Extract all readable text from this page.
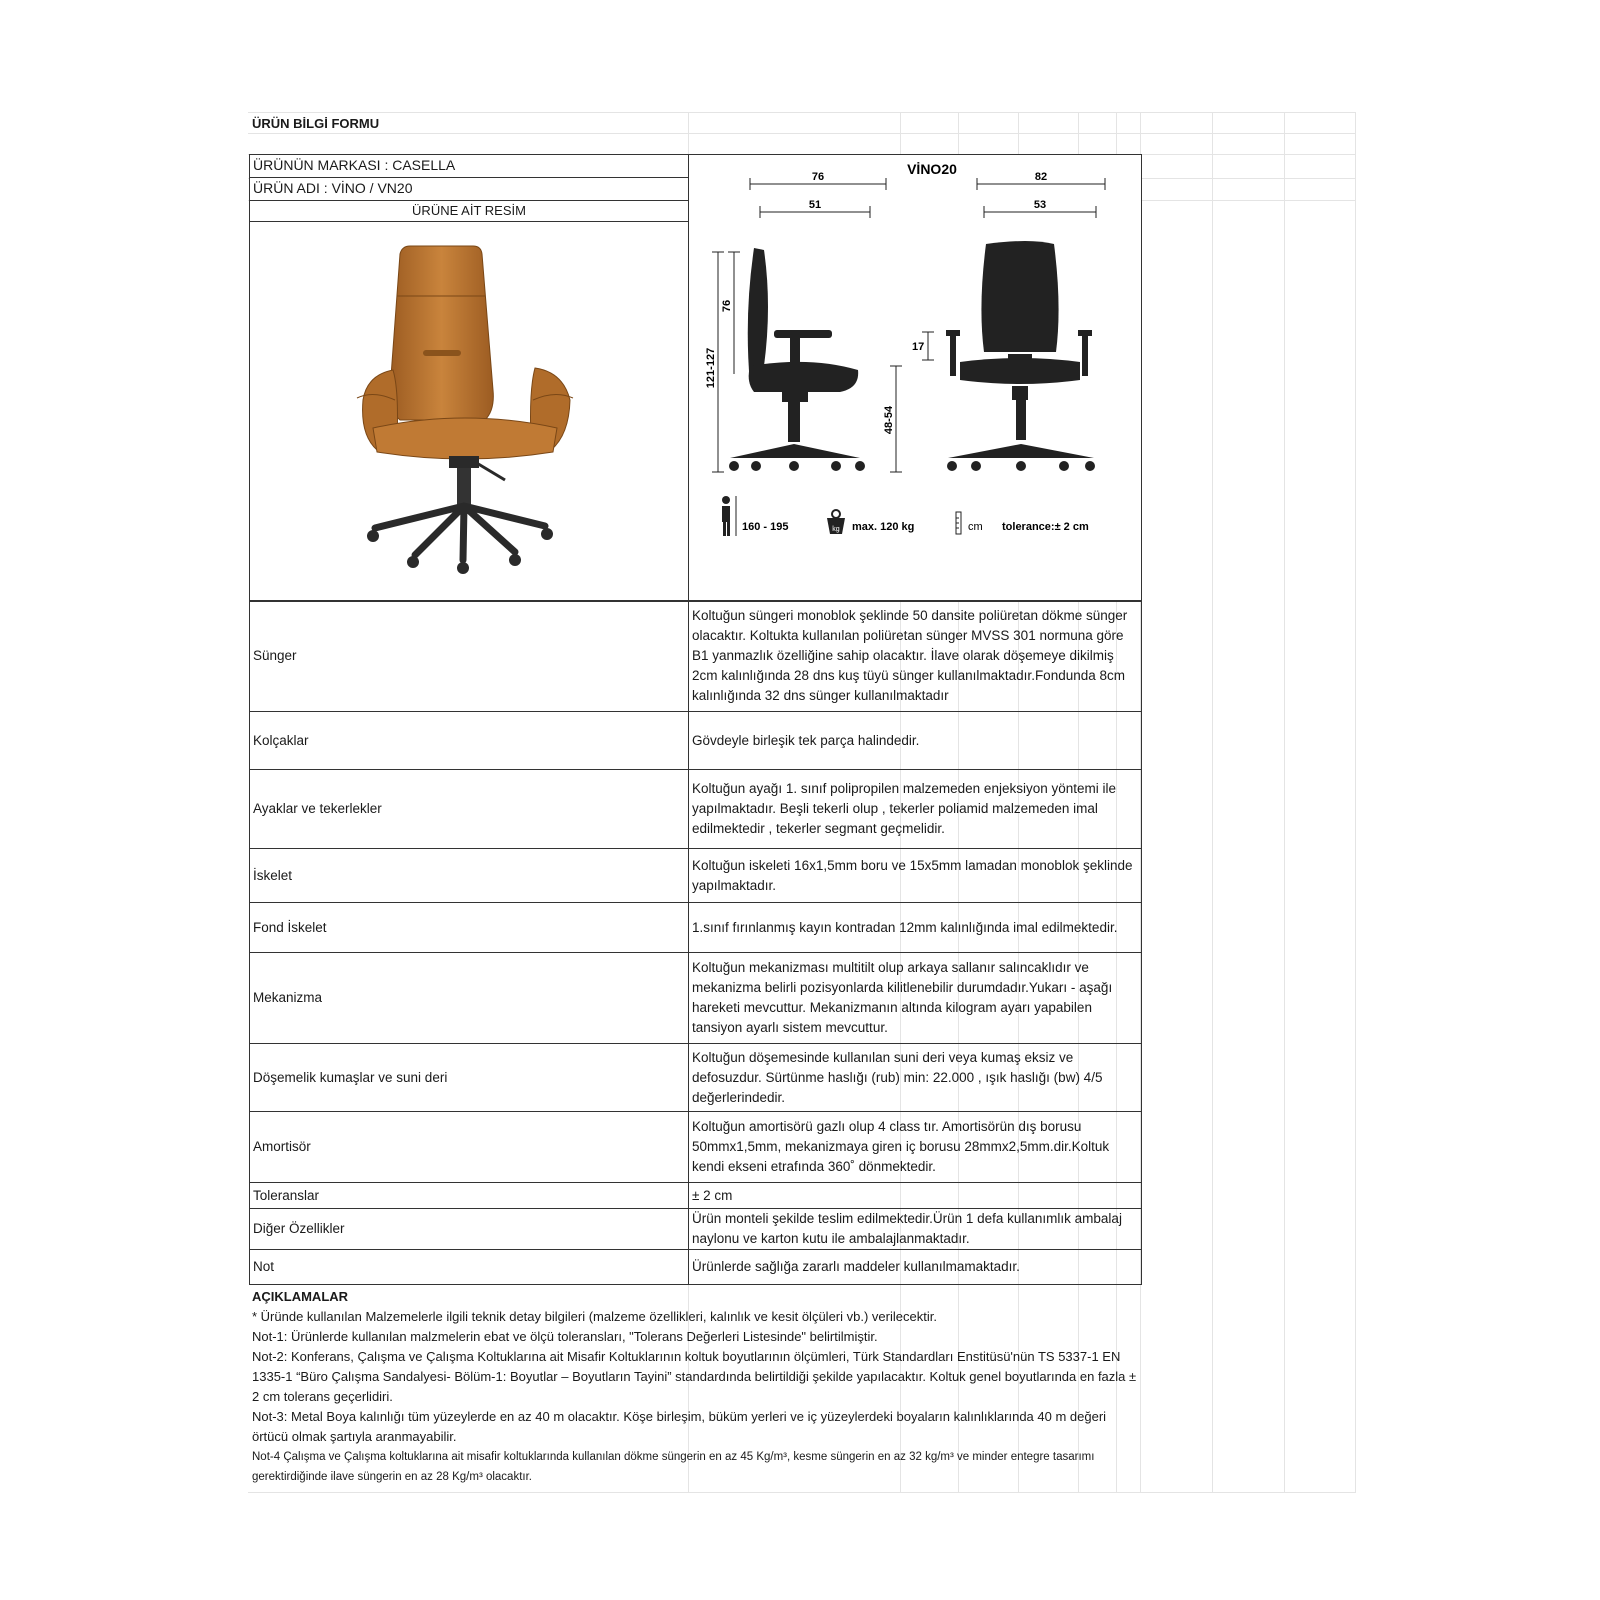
ÜRÜN BİLGİ FORMU
ÜRÜNÜN MARKASI : CASELLA
ÜRÜN ADI : VİNO / VN20
ÜRÜNE AİT RESİM
VİNO20
76
51
82
53
121-127
76
48-54
17
160 - 195	kg max. 120 kg	cm tolerance:± 2 cm
Sünger	Koltuğun süngeri monoblok şeklinde 50 dansite poliüretan dökme sünger olacaktır. Koltukta kullanılan poliüretan sünger MVSS 301 normuna göre B1 yanmazlık özelliğine sahip olacaktır. İlave olarak döşemeye dikilmiş 2cm kalınlığında 28 dns kuş tüyü sünger kullanılmaktadır.Fondunda 8cm kalınlığında 32 dns sünger kullanılmaktadır

Kolçaklar	Gövdeyle birleşik tek parça halindedir.
Ayaklar ve tekerlekler	Koltuğun ayağı 1. sınıf polipropilen malzemeden enjeksiyon yöntemi ile yapılmaktadır. Beşli tekerli olup , tekerler poliamid malzemeden imal edilmektedir , tekerler segmant geçmelidir.
İskelet	Koltuğun iskeleti 16x1,5mm boru ve 15x5mm lamadan monoblok şeklinde yapılmaktadır.
Fond İskelet	1.sınıf fırınlanmış kayın kontradan 12mm kalınlığında imal edilmektedir.
Mekanizma	Koltuğun mekanizması multitilt olup arkaya sallanır salıncaklıdır ve mekanizma belirli pozisyonlarda kilitlenebilir durumdadır.Yukarı - aşağı hareketi mevcuttur. Mekanizmanın altında kilogram ayarı yapabilen tansiyon ayarlı sistem mevcuttur.
Döşemelik kumaşlar ve suni deri	Koltuğun döşemesinde kullanılan suni deri veya kumaş eksiz ve defosuzdur. Sürtünme haslığı (rub) min: 22.000 , ışık haslığı (bw) 4/5 değerlerindedir.
Amortisör	Koltuğun amortisörü gazlı olup 4 class tır. Amortisörün dış borusu 50mmx1,5mm, mekanizmaya giren iç borusu 28mmx2,5mm.dir.Koltuk kendi ekseni etrafında 360˚ dönmektedir.
Toleranslar	± 2 cm
Diğer Özellikler	Ürün monteli şekilde teslim edilmektedir.Ürün 1 defa kullanımlık ambalaj naylonu ve karton kutu ile ambalajlanmaktadır.
Not	Ürünlerde sağlığa zararlı maddeler kullanılmamaktadır.
AÇIKLAMALAR
* Üründe kullanılan Malzemelerle ilgili teknik detay bilgileri (malzeme özellikleri, kalınlık ve kesit ölçüleri vb.) verilecektir.
Not-1: Ürünlerde kullanılan malzmelerin ebat ve ölçü toleransları, "Tolerans Değerleri Listesinde" belirtilmiştir.
Not-2: Konferans, Çalışma ve Çalışma Koltuklarına ait Misafir Koltuklarının koltuk boyutlarının ölçümleri, Türk Standardları Enstitüsü'nün TS 5337-1 EN 1335-1 “Büro Çalışma Sandalyesi- Bölüm-1: Boyutlar – Boyutların Tayini” standardında belirtildiği şekilde yapılacaktır. Koltuk genel boyutlarında en fazla ± 2 cm tolerans geçerlidiri.
Not-3: Metal Boya kalınlığı tüm yüzeylerde en az 40 m olacaktır. Köşe birleşim, büküm yerleri ve iç yüzeylerdeki boyaların kalınlıklarında 40 m değeri örtücü olmak şartıyla aranmayabilir.
Not-4 Çalışma ve Çalışma koltuklarına ait misafir koltuklarında kullanılan dökme süngerin en az 45 Kg/m³, kesme süngerin en az 32 kg/m³ ve minder entegre tasarımı gerektirdiğinde ilave süngerin en az 28 Kg/m³ olacaktır.
